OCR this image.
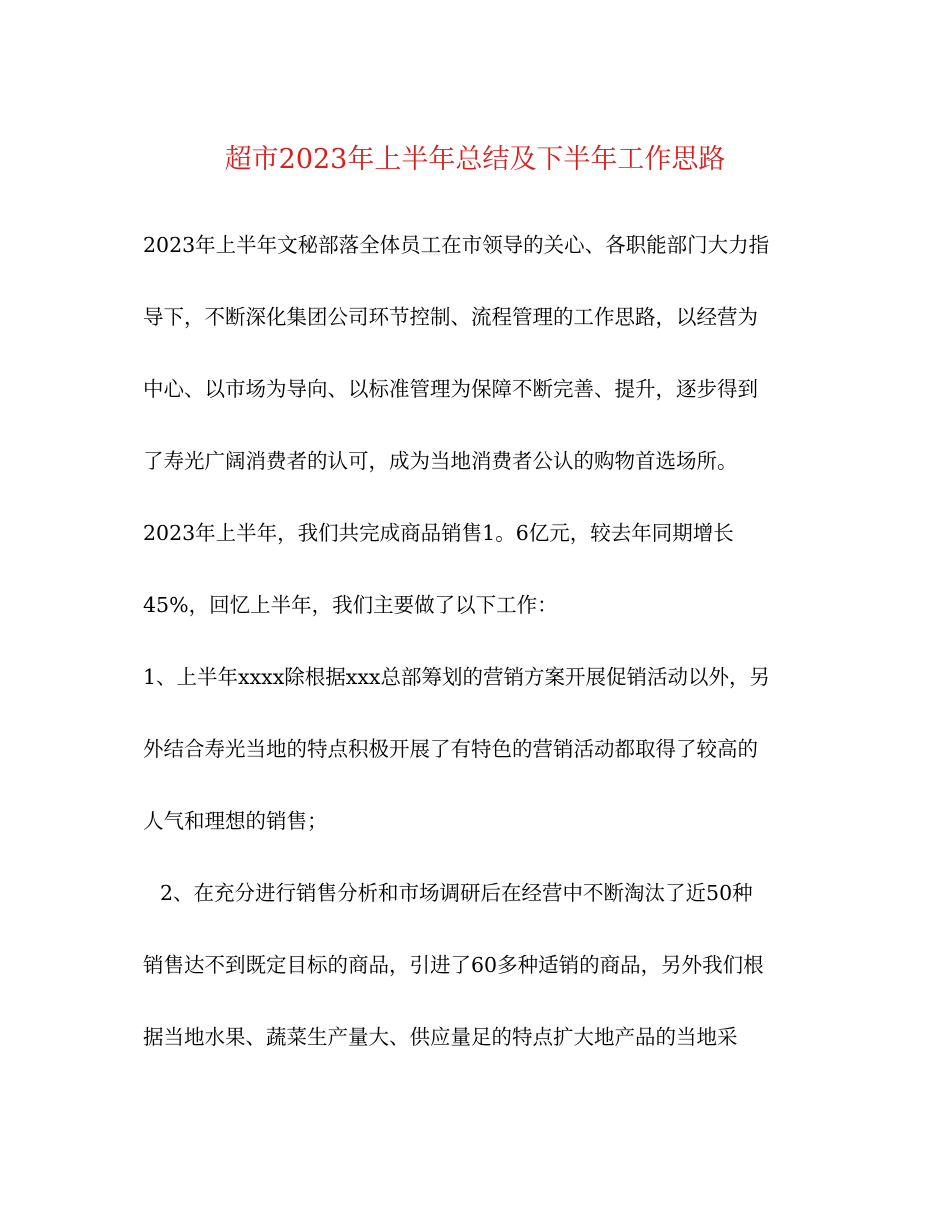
超市2023年上半年总结及下半年工作思路
2023年上半年文秘部落全体员工在市领导的关心、各职能部门大力指
导下，不断深化集团公司环节控制、流程管理的工作思路，以经营为
中心、以市场为导向、以标准管理为保障不断完善、提升，逐步得到
了寿光广阔消费者的认可，成为当地消费者公认的购物首选场所。
2023年上半年，我们共完成商品销售1。6亿元，较去年同期增长
45%，回忆上半年，我们主要做了以下工作：
1、上半年xxxx除根据xxx总部筹划的营销方案开展促销活动以外，另
外结合寿光当地的特点积极开展了有特色的营销活动都取得了较高的
人气和理想的销售；
2、在充分进行销售分析和市场调研后在经营中不断淘汰了近50种
销售达不到既定目标的商品，引进了60多种适销的商品，另外我们根
据当地水果、蔬菜生产量大、供应量足的特点扩大地产品的当地采
